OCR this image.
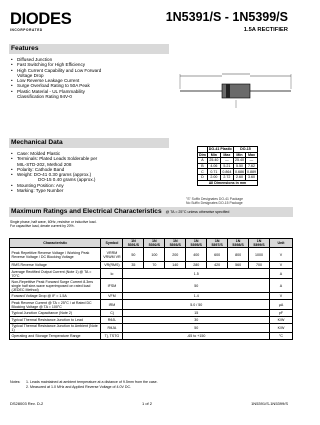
DIODES
INCORPORATED
1N5391/S - 1N5399/S
1.5A RECTIFIER
Features
• Diffused Junction
• Fast Switching for High Efficiency
• High Current Capability and Low Forward
Voltage Drop
• Low Reverse Leakage Current
• Surge Overload Rating to 50A Peak
• Plastic Material - UL Flammability
Classification Rating 94V-0
	DO-41 Plastic		DO-15	
Dim	Min	Max	Min	Max
A	25.40	—	25.40	—
B	4.06	5.21	5.50	7.62
C	0.71	0.864	0.686	0.889
D	2.00	2.72	2.60	3.60
All Dimensions in mm				
"S" Suffix Designates DO-41 Package
No Suffix Designates DO-15 Package
Mechanical Data
• Case: Molded Plastic
• Terminals: Plated Leads Solderable per
MIL-STD-202, Method 208
• Polarity: Cathode Band
• Weight: DO-41 0.30 grams (approx.)
DO-15 0.40 grams (approx.)
• Mounting Position: Any
• Marking: Type Number
Maximum Ratings and Electrical Characteristics @ TA = 25°C unless otherwise specified
Single phase, half wave, 60Hz, resistive or inductive load.
For capacitive load, derate current by 20%.
Characteristic	Symbol	1N 5391/S	1N 5392/S	1N 5393/S	1N 5395/S	1N 5397/S	1N 5398/S	1N 5399/S	Unit
Peak Repetitive Reverse Voltage / Working Peak Reverse Voltage / DC Blocking Voltage	VRRM VRWM VR	50	100	200	400	600	800	1000	V
RMS Reverse Voltage	VR(RMS)	35	70	140	280	420	560	700	V
Average Rectified Output Current (Note 1) @ TA = 70°C	Io	1.5							A
Non-Repetitive Peak Forward Surge Current 8.3ms single half sine-wave superimposed on rated load (JEDEC Method)	IFSM	50							A
Forward Voltage Drop @ IF = 1.5A	VFM	1.4							V
Peak Reverse Current @ TA = 25°C / at Rated DC Blocking Voltage @ TA = 100°C	IRM	5.0 / 50							µA
Typical Junction Capacitance (Note 2)	Cj	15							pF
Typical Thermal Resistance Junction to Lead	RθJL	30							K/W
Typical Thermal Resistance Junction to Ambient (Note 1)	RθJA	50							K/W
Operating and Storage Temperature Range	Tj, TSTG	-65 to +150							°C
Notes: 1. Leads maintained at ambient temperature at a distance of 9.5mm from the case.
2. Measured at 1.0 MHz and Applied Reverse Voltage of 4.0V DC.
DS28003 Rev. D-2	1 of 2	1N5391/S-1N5399/S
